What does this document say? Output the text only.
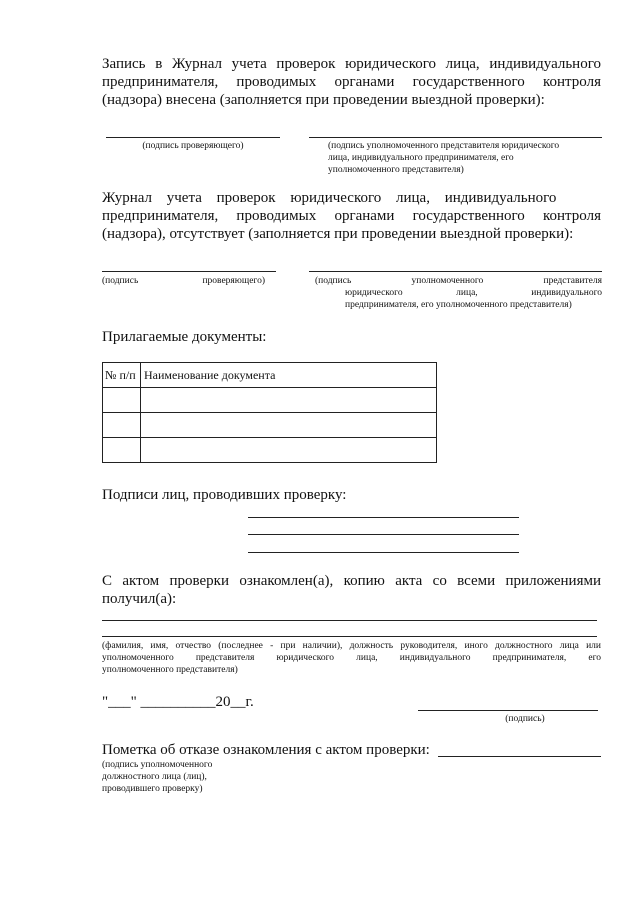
Запись в Журнал учета проверок юридического лица, индивидуального
предпринимателя, проводимых органами государственного контроля
(надзора) внесена (заполняется при проведении выездной проверки):
(подпись проверяющего)	(подпись уполномоченного представителя юридического
лица, индивидуального предпринимателя, его
уполномоченного представителя)
Журнал учета проверок юридического лица, индивидуального
предпринимателя, проводимых органами государственного контроля
(надзора), отсутствует (заполняется при проведении выездной проверки):
(подпись проверяющего)	(подпись уполномоченного представителя
юридического лица, индивидуального
предпринимателя, его уполномоченного представителя)
Прилагаемые документы:
№ п/п	Наименование документа

Подписи лиц, проводивших проверку:
С актом проверки ознакомлен(а), копию акта со всеми приложениями
получил(а):
(фамилия, имя, отчество (последнее - при наличии), должность руководителя, иного должностного лица или
уполномоченного представителя юридического лица, индивидуального предпринимателя, его
уполномоченного представителя)
"___" __________20__г.
(подпись)
Пометка об отказе ознакомления с актом проверки:
(подпись уполномоченного
должностного лица (лиц),
проводившего проверку)
